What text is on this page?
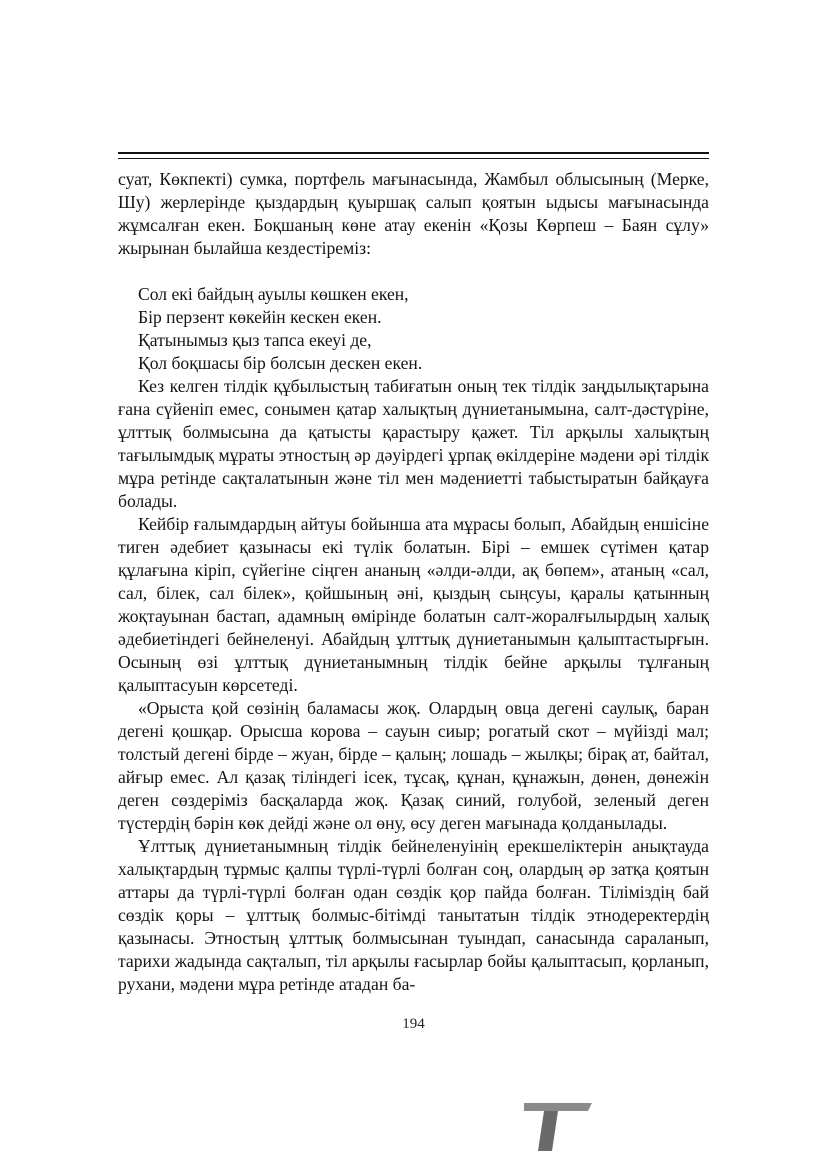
суат, Көкпекті) сумка, портфель мағынасында, Жамбыл облысының (Мерке, Шу) жерлерінде қыздардың қуыршақ салып қоятын ыдысы мағынасында жұмсалған екен. Боқшаның көне атау екенін «Қозы Көрпеш – Баян сұлу» жырынан былайша кездестіреміз:

Сол екі байдың ауылы көшкен екен,
Бір перзент көкейін кескен екен.
Қатынымыз қыз тапса екеуі де,
Қол боқшасы бір болсын дескен екен.

Кез келген тілдік құбылыстың табиғатын оның тек тілдік заңдылықтарына ғана сүйеніп емес, сонымен қатар халықтың дүниетанымына, салт-дәстүріне, ұлттық болмысына да қатысты қарастыру қажет. Тіл арқылы халықтың тағылымдық мұраты этностың әр дәуірдегі ұрпақ өкілдеріне мәдени әрі тілдік мұра ретінде сақталатынын және тіл мен мәдениетті табыстыратын байқауға болады.

Кейбір ғалымдардың айтуы бойынша ата мұрасы болып, Абайдың еншісіне тиген әдебиет қазынасы екі түлік болатын. Бірі – емшек сүтімен қатар құлағына кіріп, сүйегіне сіңген ананың «әлди-әлди, ақ бөпем», атаның «сал, сал, білек, сал білек», қойшының әні, қыздың сыңсуы, қаралы қатынның жоқтауынан бастап, адамның өмірінде болатын салт-жоралғылырдың халық әдебиетіндегі бейнеленуі. Абайдың ұлттық дүниетанымын қалыптастырғын. Осының өзі ұлттық дүниетанымның тілдік бейне арқылы тұлғаның қалыптасуын көрсетеді.

«Орыста қой сөзінің баламасы жоқ. Олардың овца дегені саулық, баран дегені қошқар. Орысша корова – сауын сиыр; рогатый скот – мүйізді мал; толстый дегені бірде – жуан, бірде – қалың; лошадь – жылқы; бірақ ат, байтал, айғыр емес. Ал қазақ тіліндегі ісек, тұсақ, құнан, құнажын, дөнен, дөнежін деген сөздеріміз басқаларда жоқ. Қазақ синий, голубой, зеленый деген түстердің бәрін көк дейді және ол өну, өсу деген мағынада қолданылады.

Ұлттық дүниетанымның тілдік бейнеленуінің ерекшеліктерін анықтауда халықтардың тұрмыс қалпы түрлі-түрлі болған соң, олардың әр затқа қоятын аттары да түрлі-түрлі болған одан сөздік қор пайда болған. Тіліміздің бай сөздік қоры – ұлттық болмыс-бітімді танытатын тілдік этнодеректердің қазынасы. Этностың ұлттық болмысынан туындап, санасында сараланып, тарихи жадында сақталып, тіл арқылы ғасырлар бойы қалыптасып, қорланып, рухани, мәдени мұра ретінде атадан ба-

194
